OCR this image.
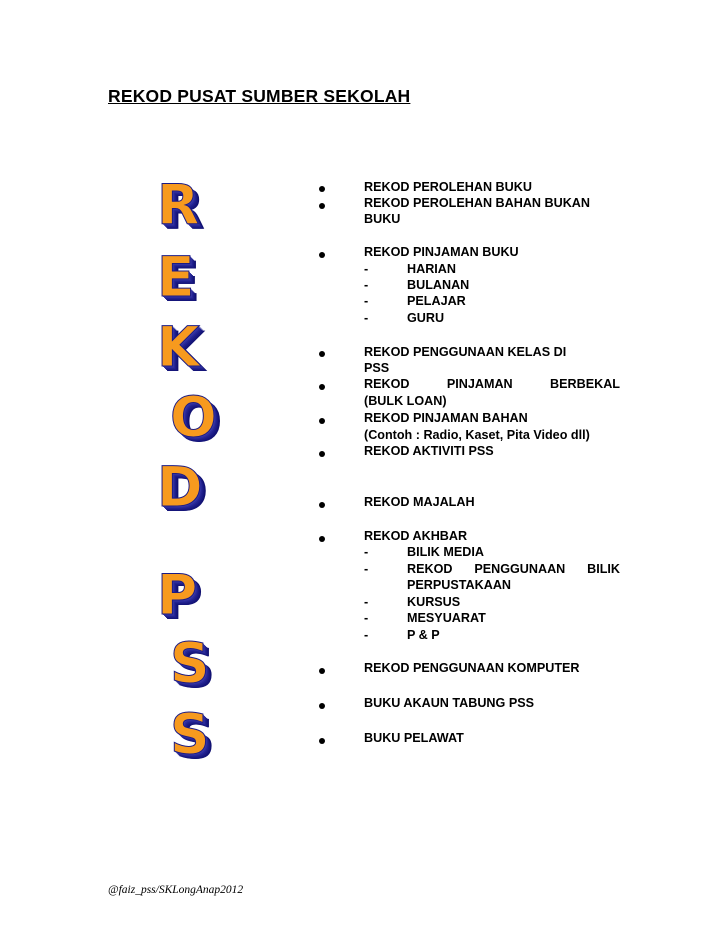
REKOD PUSAT SUMBER SEKOLAH
R
E
K
O
D
P
S
S
REKOD PEROLEHAN BUKU
REKOD PEROLEHAN BAHAN BUKAN
BUKU
REKOD PINJAMAN BUKU
-	HARIAN
-	BULANAN
-	PELAJAR
-	GURU
REKOD PENGGUNAAN KELAS DI
PSS
REKOD	PINJAMAN	BERBEKAL
(BULK LOAN)
REKOD PINJAMAN BAHAN
(Contoh : Radio, Kaset, Pita Video dll)
REKOD AKTIVITI PSS
REKOD MAJALAH
REKOD AKHBAR
-	BILIK MEDIA
-	REKOD PENGGUNAAN BILIK
PERPUSTAKAAN
-	KURSUS
-	MESYUARAT
-	P & P
REKOD PENGGUNAAN KOMPUTER
BUKU AKAUN TABUNG PSS
BUKU PELAWAT
@faiz_pss/SKLongAnap2012
